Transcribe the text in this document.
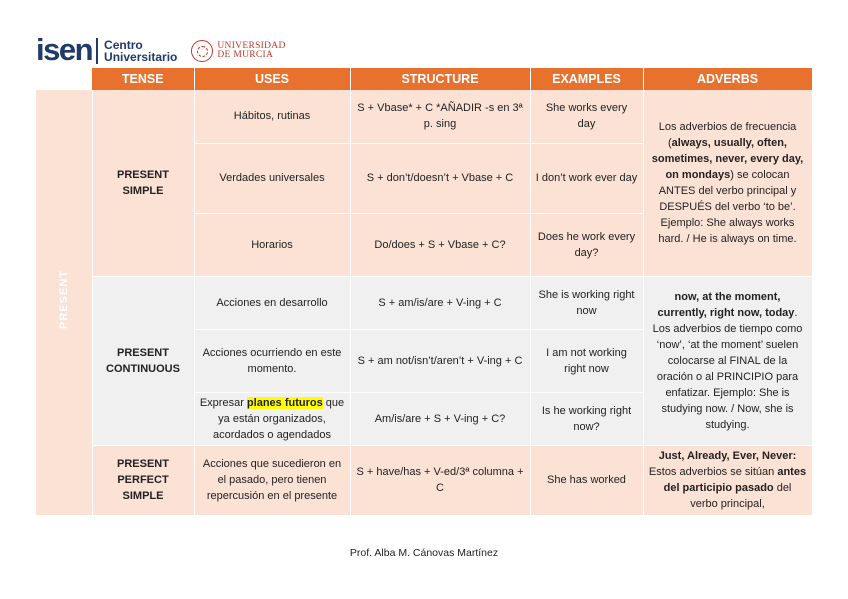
isen Centro
Universitario
UNIVERSIDAD
DE MURCIA
	TENSE	USES	STRUCTURE	EXAMPLES	ADVERBS
PRESENT	PRESENT SIMPLE	Hábitos, rutinas	S + Vbase* + C *AÑADIR -s en 3ª p. sing	She works every day	Los adverbios de frecuencia (always, usually, often, sometimes, never, every day, on mondays) se colocan ANTES del verbo principal y DESPUÉS del verbo ‘to be’. Ejemplo: She always works hard. / He is always on time.
		Verdades universales	S + don’t/doesn’t + Vbase + C	I don’t work ever day	
		Horarios	Do/does + S + Vbase + C?	Does he work every day?	
	PRESENT CONTINUOUS	Acciones en desarrollo	S + am/is/are + V-ing + C	She is working right now	now, at the moment, currently, right now, today. Los adverbios de tiempo como ‘now’, ‘at the moment’ suelen colocarse al FINAL de la oración o al PRINCIPIO para enfatizar. Ejemplo: She is studying now. / Now, she is studying.
		Acciones ocurriendo en este momento.	S + am not/isn’t/aren’t + V-ing + C	I am not working right now	
		Expresar planes futuros que ya están organizados, acordados o agendados	Am/is/are + S + V-ing + C?	Is he working right now?	
	PRESENT PERFECT SIMPLE	Acciones que sucedieron en el pasado, pero tienen repercusión en el presente	S + have/has + V-ed/3ª columna + C	She has worked	Just, Already, Ever, Never: Estos adverbios se sitúan antes del participio pasado del verbo principal,
Prof. Alba M. Cánovas Martínez
